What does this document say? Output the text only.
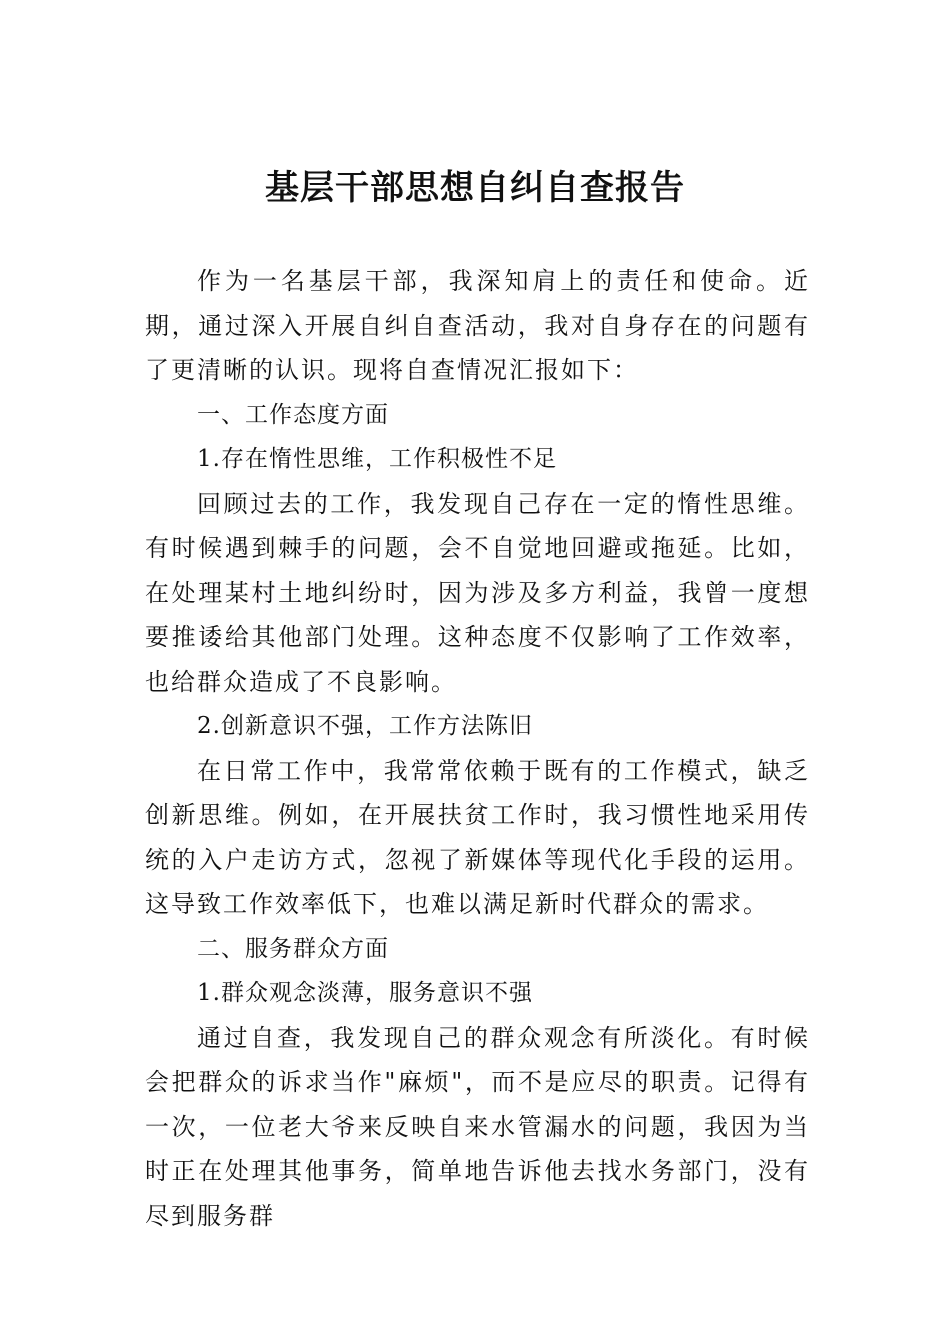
基层干部思想自纠自查报告

作为一名基层干部，我深知肩上的责任和使命。近期，通过深入开展自纠自查活动，我对自身存在的问题有了更清晰的认识。现将自查情况汇报如下：

一、工作态度方面

1.存在惰性思维，工作积极性不足

回顾过去的工作，我发现自己存在一定的惰性思维。有时候遇到棘手的问题，会不自觉地回避或拖延。比如，在处理某村土地纠纷时，因为涉及多方利益，我曾一度想要推诿给其他部门处理。这种态度不仅影响了工作效率，也给群众造成了不良影响。

2.创新意识不强，工作方法陈旧

在日常工作中，我常常依赖于既有的工作模式，缺乏创新思维。例如，在开展扶贫工作时，我习惯性地采用传统的入户走访方式，忽视了新媒体等现代化手段的运用。这导致工作效率低下，也难以满足新时代群众的需求。

二、服务群众方面

1.群众观念淡薄，服务意识不强

通过自查，我发现自己的群众观念有所淡化。有时候会把群众的诉求当作"麻烦"，而不是应尽的职责。记得有一次，一位老大爷来反映自来水管漏水的问题，我因为当时正在处理其他事务，简单地告诉他去找水务部门，没有尽到服务群
